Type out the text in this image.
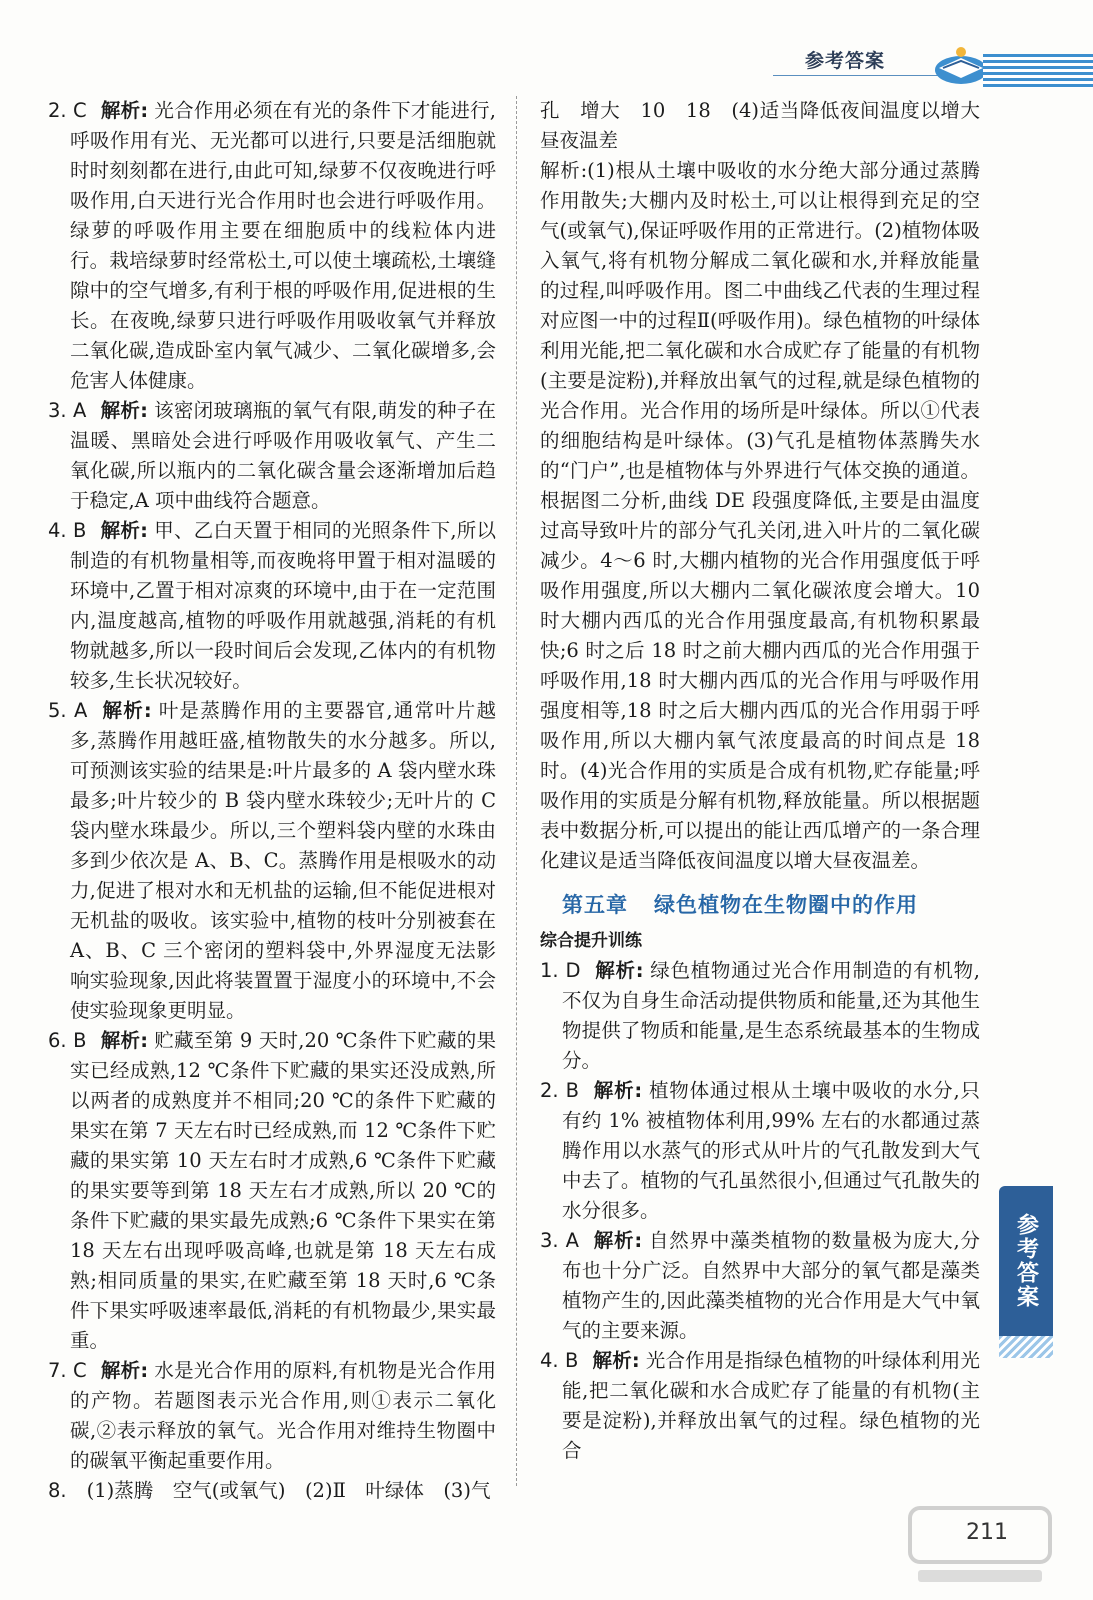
参考答案

2. C 解析: 光合作用必须在有光的条件下才能进行,呼吸作用有光、无光都可以进行,只要是活细胞就时时刻刻都在进行,由此可知,绿萝不仅夜晚进行呼吸作用,白天进行光合作用时也会进行呼吸作用。绿萝的呼吸作用主要在细胞质中的线粒体内进行。栽培绿萝时经常松土,可以使土壤疏松,土壤缝隙中的空气增多,有利于根的呼吸作用,促进根的生长。在夜晚,绿萝只进行呼吸作用吸收氧气并释放二氧化碳,造成卧室内氧气减少、二氧化碳增多,会危害人体健康。

3. A 解析: 该密闭玻璃瓶的氧气有限,萌发的种子在温暖、黑暗处会进行呼吸作用吸收氧气、产生二氧化碳,所以瓶内的二氧化碳含量会逐渐增加后趋于稳定,A 项中曲线符合题意。

4. B 解析: 甲、乙白天置于相同的光照条件下,所以制造的有机物量相等,而夜晚将甲置于相对温暖的环境中,乙置于相对凉爽的环境中,由于在一定范围内,温度越高,植物的呼吸作用就越强,消耗的有机物就越多,所以一段时间后会发现,乙体内的有机物较多,生长状况较好。

5. A 解析: 叶是蒸腾作用的主要器官,通常叶片越多,蒸腾作用越旺盛,植物散失的水分越多。所以,可预测该实验的结果是:叶片最多的 A 袋内壁水珠最多;叶片较少的 B 袋内壁水珠较少;无叶片的 C 袋内壁水珠最少。所以,三个塑料袋内壁的水珠由多到少依次是 A、B、C。蒸腾作用是根吸水的动力,促进了根对水和无机盐的运输,但不能促进根对无机盐的吸收。该实验中,植物的枝叶分别被套在 A、B、C 三个密闭的塑料袋中,外界湿度无法影响实验现象,因此将装置置于湿度小的环境中,不会使实验现象更明显。

6. B 解析: 贮藏至第 9 天时,20 ℃条件下贮藏的果实已经成熟,12 ℃条件下贮藏的果实还没成熟,所以两者的成熟度并不相同;20 ℃的条件下贮藏的果实在第 7 天左右时已经成熟,而 12 ℃条件下贮藏的果实第 10 天左右时才成熟,6 ℃条件下贮藏的果实要等到第 18 天左右才成熟,所以 20 ℃的条件下贮藏的果实最先成熟;6 ℃条件下果实在第 18 天左右出现呼吸高峰,也就是第 18 天左右成熟;相同质量的果实,在贮藏至第 18 天时,6 ℃条件下果实呼吸速率最低,消耗的有机物最少,果实最重。

7. C 解析: 水是光合作用的原料,有机物是光合作用的产物。若题图表示光合作用,则①表示二氧化碳,②表示释放的氧气。光合作用对维持生物圈中的碳氧平衡起重要作用。

8. (1)蒸腾　空气(或氧气)　(2)Ⅱ　叶绿体　(3)气

孔　增大　10　18　(4)适当降低夜间温度以增大昼夜温差

解析:(1)根从土壤中吸收的水分绝大部分通过蒸腾作用散失;大棚内及时松土,可以让根得到充足的空气(或氧气),保证呼吸作用的正常进行。(2)植物体吸入氧气,将有机物分解成二氧化碳和水,并释放能量的过程,叫呼吸作用。图二中曲线乙代表的生理过程对应图一中的过程Ⅱ(呼吸作用)。绿色植物的叶绿体利用光能,把二氧化碳和水合成贮存了能量的有机物(主要是淀粉),并释放出氧气的过程,就是绿色植物的光合作用。光合作用的场所是叶绿体。所以①代表的细胞结构是叶绿体。(3)气孔是植物体蒸腾失水的“门户”,也是植物体与外界进行气体交换的通道。根据图二分析,曲线 DE 段强度降低,主要是由温度过高导致叶片的部分气孔关闭,进入叶片的二氧化碳减少。4～6 时,大棚内植物的光合作用强度低于呼吸作用强度,所以大棚内二氧化碳浓度会增大。10 时大棚内西瓜的光合作用强度最高,有机物积累最快;6 时之后 18 时之前大棚内西瓜的光合作用强于呼吸作用,18 时大棚内西瓜的光合作用与呼吸作用强度相等,18 时之后大棚内西瓜的光合作用弱于呼吸作用,所以大棚内氧气浓度最高的时间点是 18 时。(4)光合作用的实质是合成有机物,贮存能量;呼吸作用的实质是分解有机物,释放能量。所以根据题表中数据分析,可以提出的能让西瓜增产的一条合理化建议是适当降低夜间温度以增大昼夜温差。

第五章 绿色植物在生物圈中的作用
综合提升训练

1. D 解析: 绿色植物通过光合作用制造的有机物,不仅为自身生命活动提供物质和能量,还为其他生物提供了物质和能量,是生态系统最基本的生物成分。

2. B 解析: 植物体通过根从土壤中吸收的水分,只有约 1% 被植物体利用,99% 左右的水都通过蒸腾作用以水蒸气的形式从叶片的气孔散发到大气中去了。植物的气孔虽然很小,但通过气孔散失的水分很多。

3. A 解析: 自然界中藻类植物的数量极为庞大,分布也十分广泛。自然界中大部分的氧气都是藻类植物产生的,因此藻类植物的光合作用是大气中氧气的主要来源。

4. B 解析: 光合作用是指绿色植物的叶绿体利用光能,把二氧化碳和水合成贮存了能量的有机物(主要是淀粉),并释放出氧气的过程。绿色植物的光合

参考答案
211
